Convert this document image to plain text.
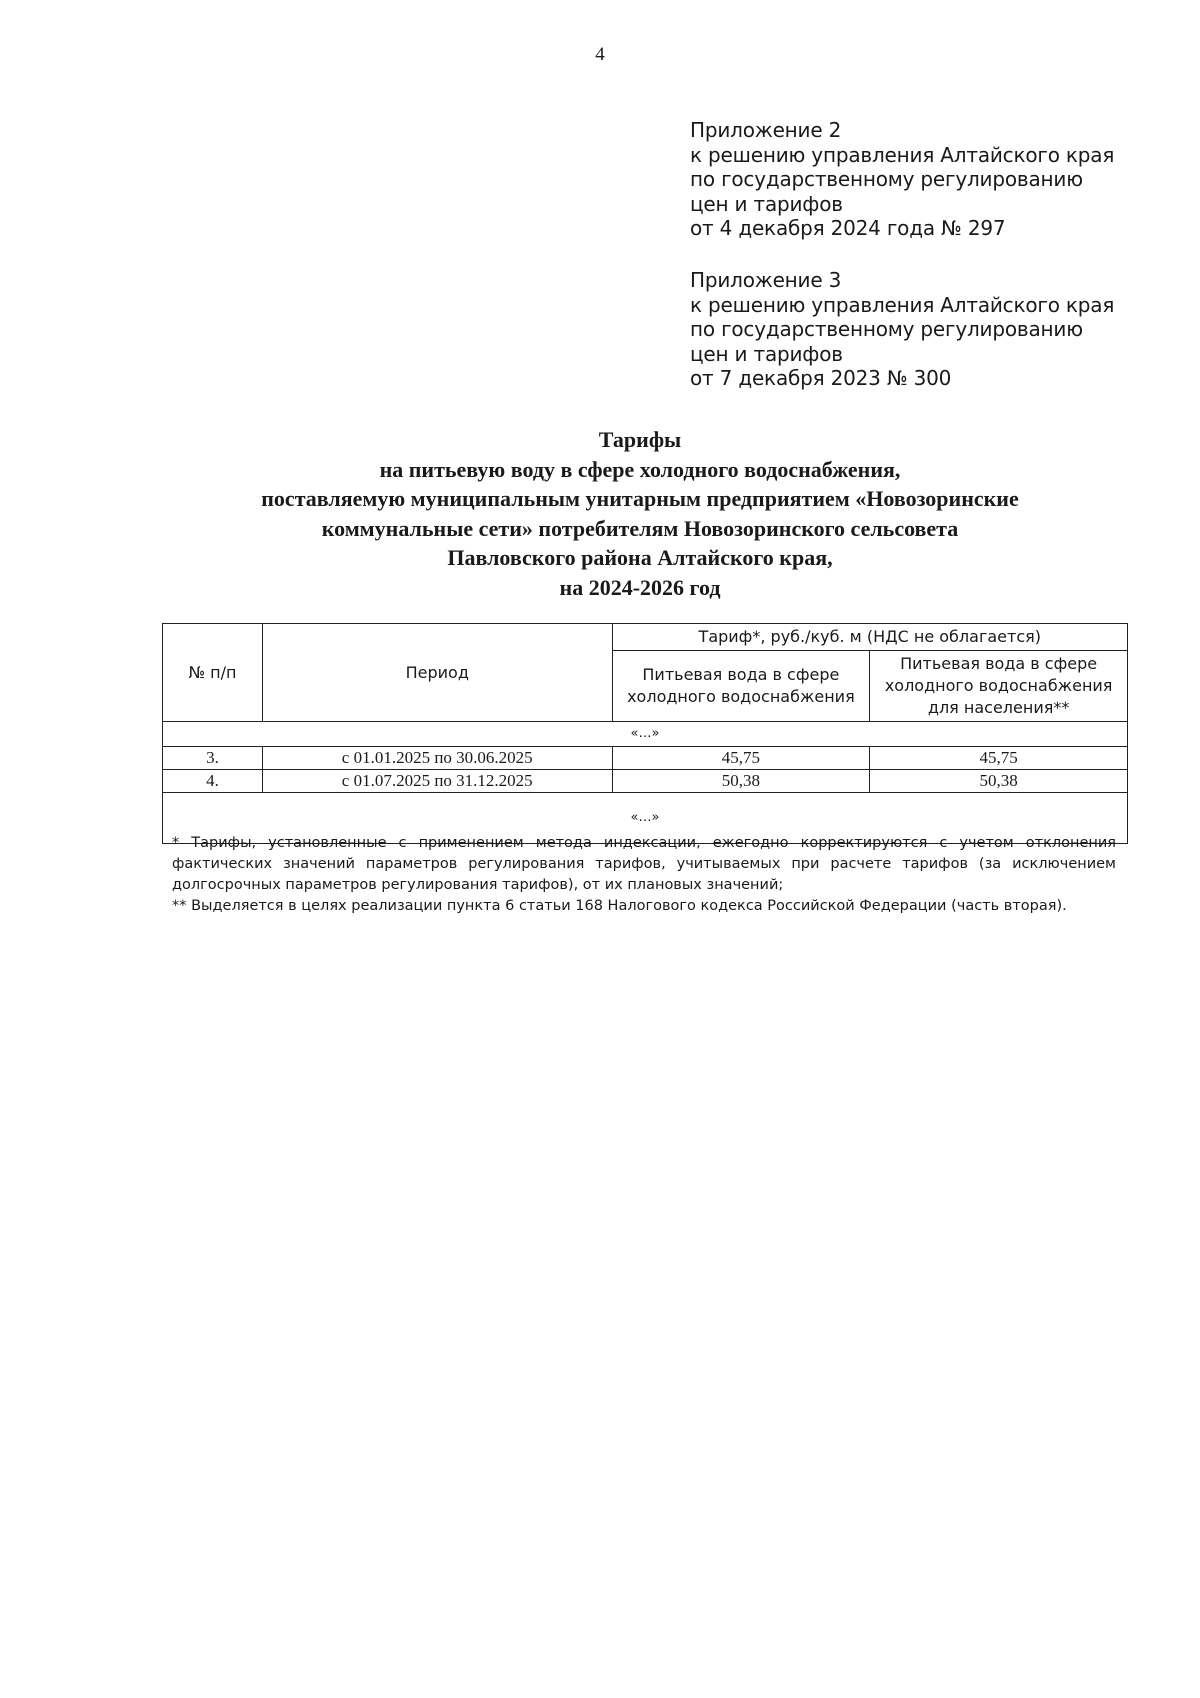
4
Приложение 2
к решению управления Алтайского края
по государственному регулированию
цен и тарифов
от 4 декабря 2024 года № 297
Приложение 3
к решению управления Алтайского края
по государственному регулированию
цен и тарифов
от 7 декабря 2023 № 300
Тарифы
на питьевую воду в сфере холодного водоснабжения,
поставляемую муниципальным унитарным предприятием «Новозоринские
коммунальные сети» потребителям Новозоринского сельсовета
Павловского района Алтайского края,
на 2024-2026 год
№ п/п	Период	Тариф*, руб./куб. м (НДС не облагается)	
		Питьевая вода в сфере холодного водоснабжения	Питьевая вода в сфере холодного водоснабжения для населения**
«…»			
3.	с 01.01.2025 по 30.06.2025	45,75	45,75
4.	с 01.07.2025 по 31.12.2025	50,38	50,38
«…»			
* Тарифы, установленные с применением метода индексации, ежегодно корректируются с учетом отклонения фактических значений параметров регулирования тарифов, учитываемых при расчете тарифов (за исключением долгосрочных параметров регулирования тарифов), от их плановых значений;
** Выделяется в целях реализации пункта 6 статьи 168 Налогового кодекса Российской Федерации (часть вторая).
